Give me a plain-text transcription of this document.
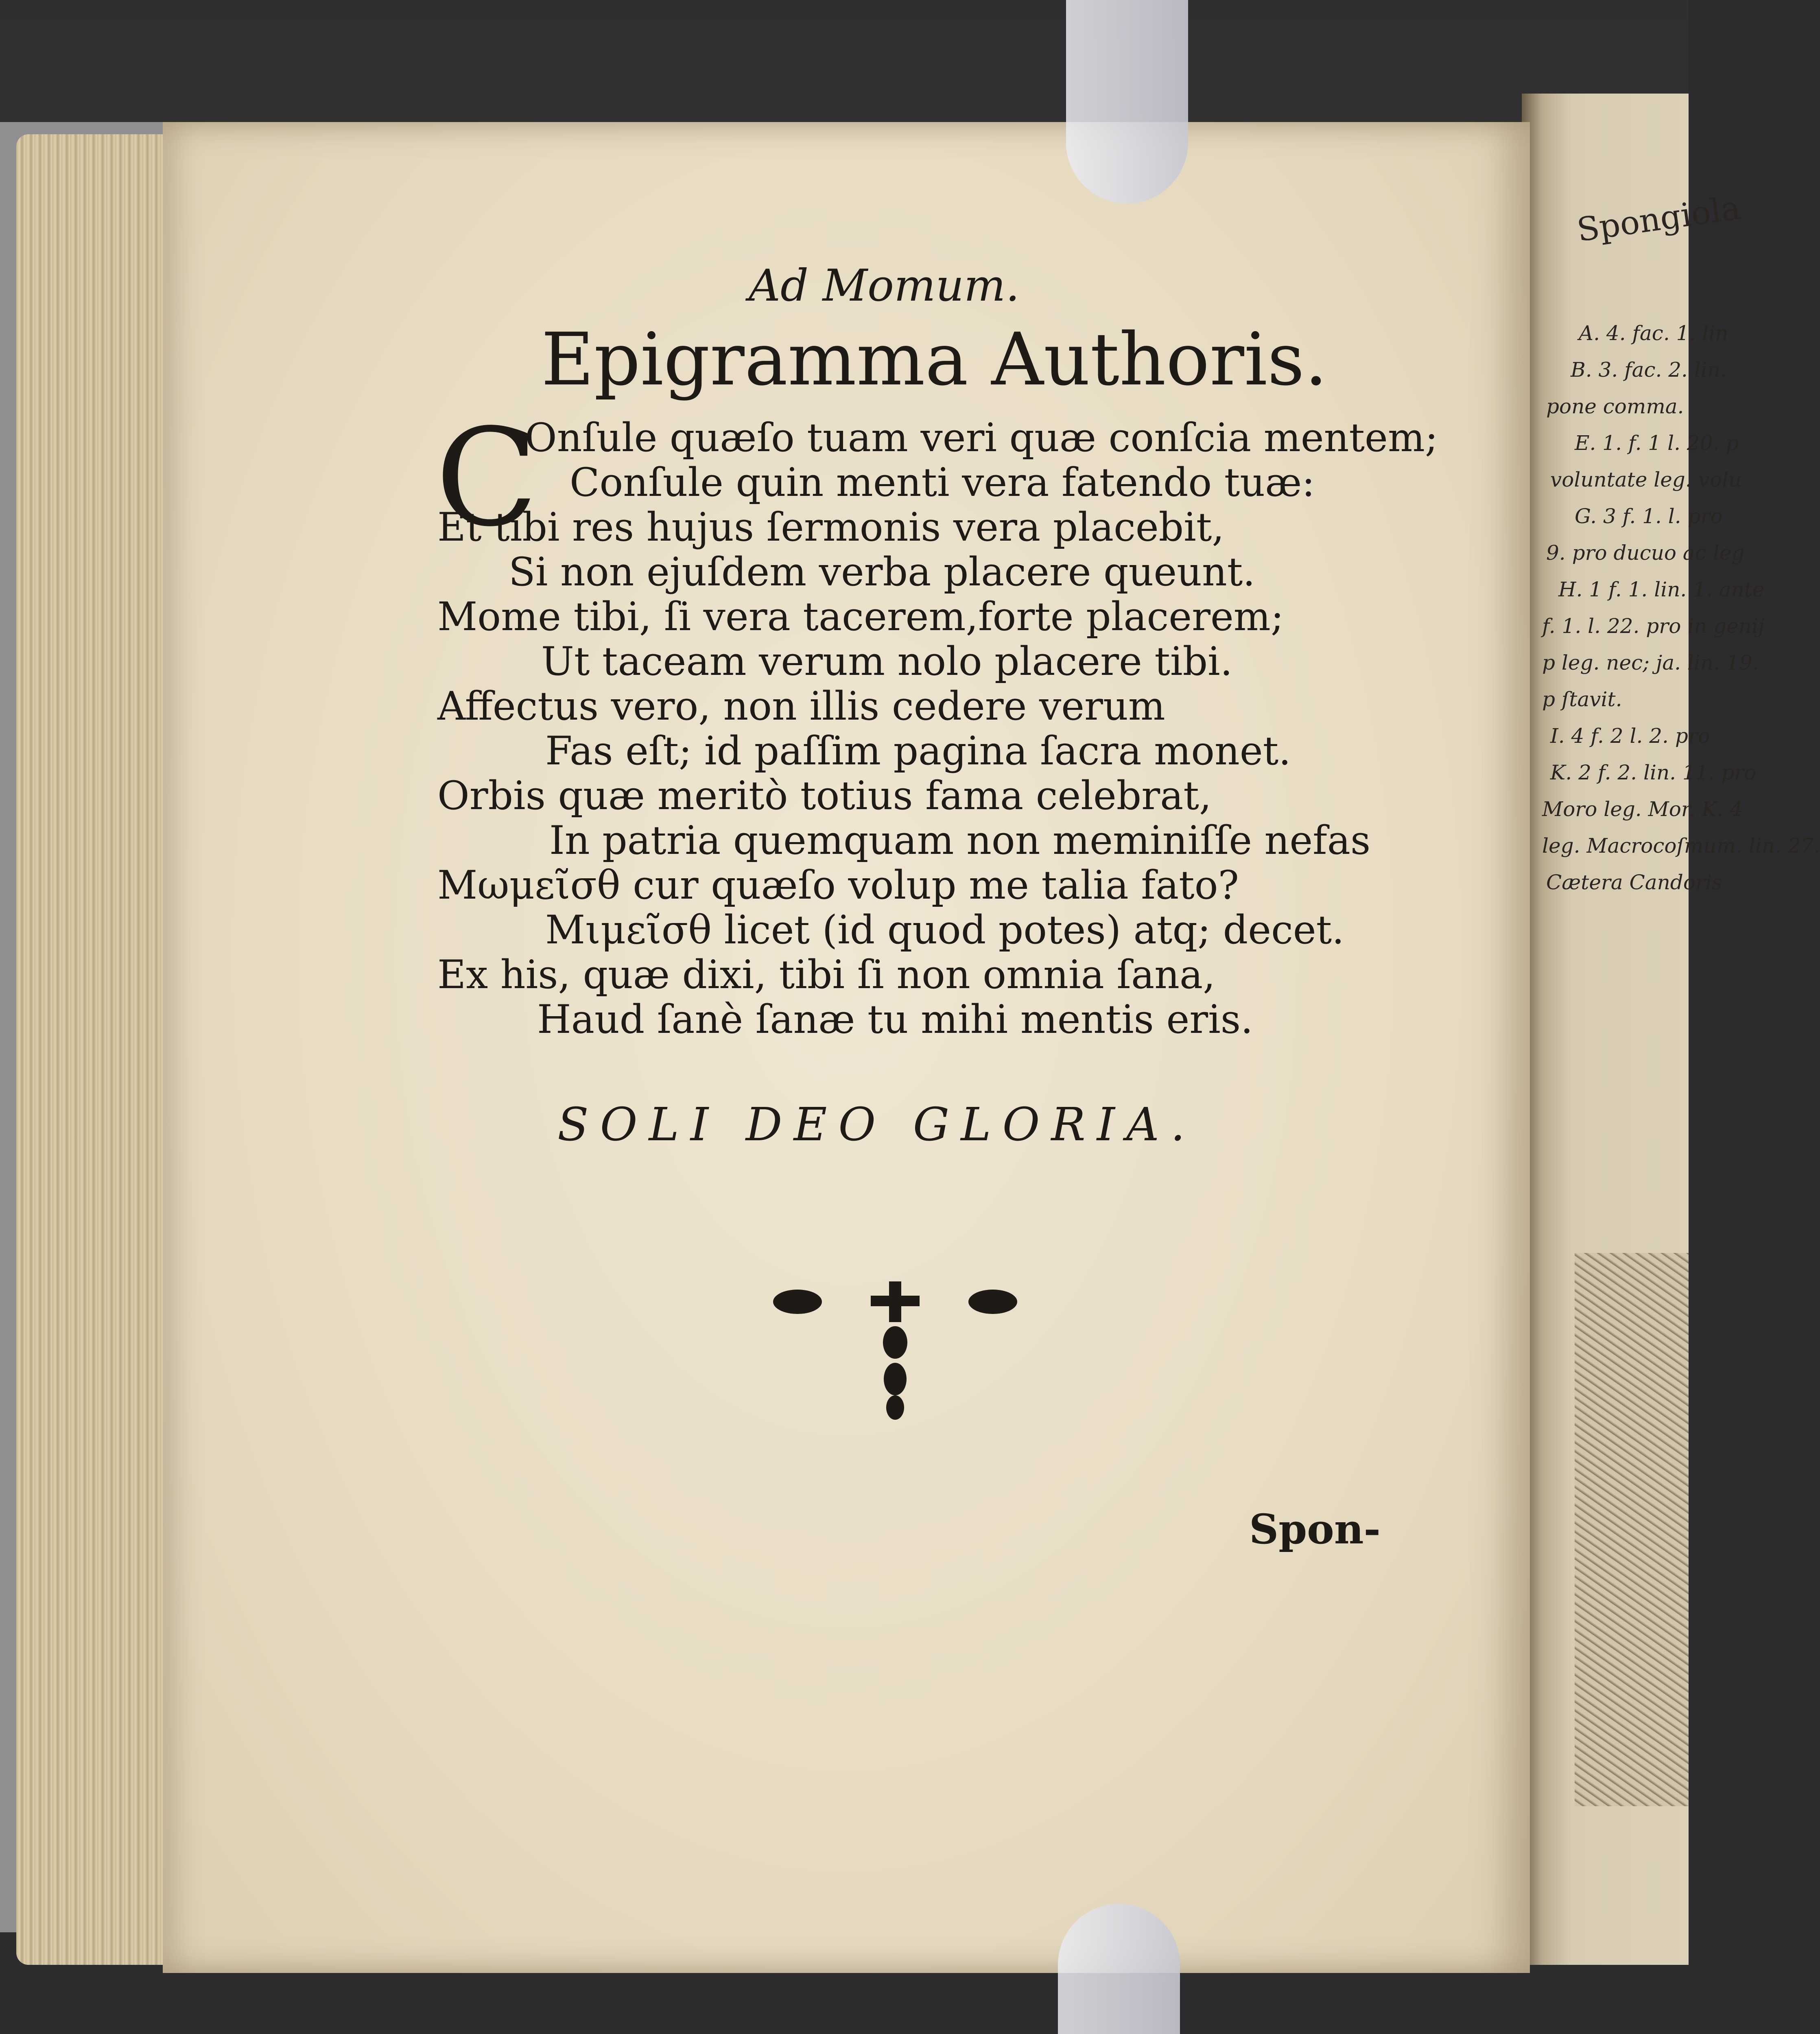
Ad Momum.
Epigramma Authoris.
C
Onſule quæſo tuam veri quæ conſcia mentem;
Conſule quin menti vera fatendo tuæ:
Et tibi res hujus ſermonis vera placebit,
Si non ejuſdem verba placere queunt.
Mome tibi, ſi vera tacerem,forte placerem;
Ut taceam verum nolo placere tibi.
Affectus vero, non illis cedere verum
Fas eſt; id paſſim pagina ſacra monet.
Orbis quæ meritò totius fama celebrat,
In patria quemquam non meminiſſe nefas
Μωμεῖσθ cur quæſo volup me talia fato?
Μιμεῖσθ licet (id quod potes) atq; decet.
Ex his, quæ dixi, tibi ſi non omnia ſana,
Haud ſanè ſanæ tu mihi mentis eris.
SOLI DEO GLORIA.
Spon-
Spongiola
A. 4. fac. 1. lin
B. 3. fac. 2. lin.
pone comma.
E. 1. f. 1 l. 20. p
voluntate leg. volu
G. 3 f. 1. l. pro
9. pro ducuo ac leg
H. 1 f. 1. lin. 1. ante
f. 1. l. 22. pro in genij
p leg. nec; ja. lin. 19.
p ſtavit.
I. 4 f. 2 l. 2. pro
K. 2 f. 2. lin. 11. pro
Moro leg. Mor. K. 4
leg. Macrocoſmum. lin. 27.
Cætera Candoris
